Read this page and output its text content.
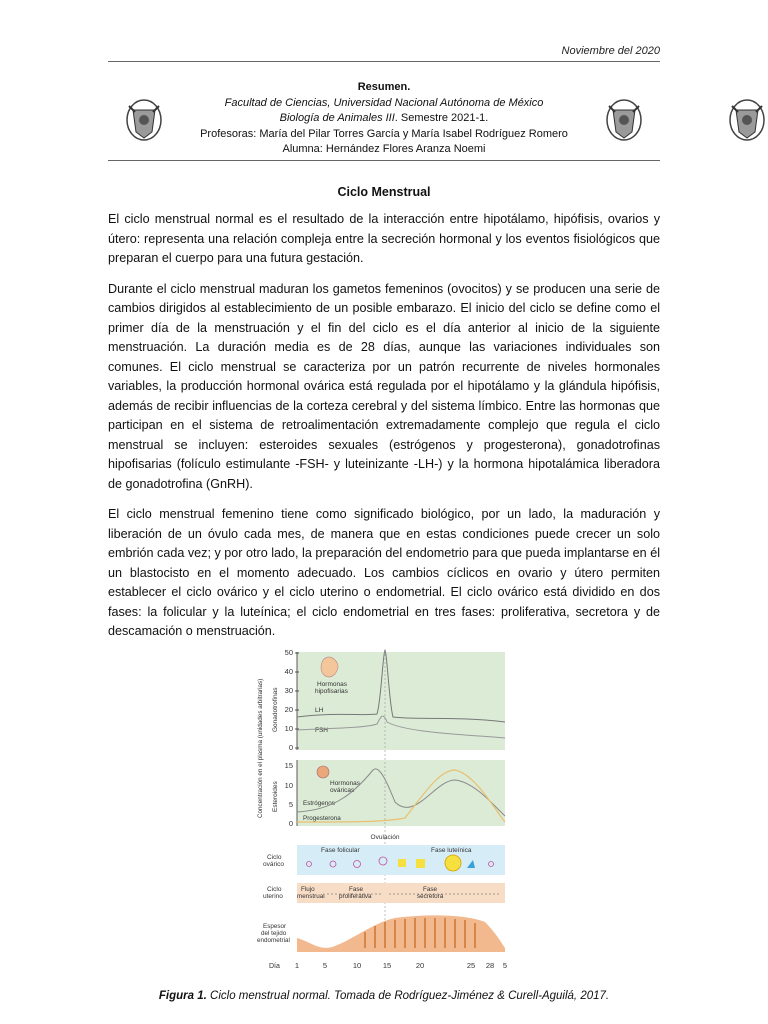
Noviembre del 2020
Resumen.
Facultad de Ciencias, Universidad Nacional Autónoma de México
Biología de Animales III. Semestre 2021-1.
Profesoras: María del Pilar Torres García y María Isabel Rodríguez Romero
Alumna: Hernández Flores Aranza Noemi
Ciclo Menstrual

El ciclo menstrual normal es el resultado de la interacción entre hipotálamo, hipófisis, ovarios y útero: representa una relación compleja entre la secreción hormonal y los eventos fisiológicos que preparan el cuerpo para una futura gestación.

Durante el ciclo menstrual maduran los gametos femeninos (ovocitos) y se producen una serie de cambios dirigidos al establecimiento de un posible embarazo. El inicio del ciclo se define como el primer día de la menstruación y el fin del ciclo es el día anterior al inicio de la siguiente menstruación. La duración media es de 28 días, aunque las variaciones individuales son comunes. El ciclo menstrual se caracteriza por un patrón recurrente de niveles hormonales variables, la producción hormonal ovárica está regulada por el hipotálamo y la glándula hipófisis, además de recibir influencias de la corteza cerebral y del sistema límbico. Entre las hormonas que participan en el sistema de retroalimentación extremadamente complejo que regula el ciclo menstrual se incluyen: esteroides sexuales (estrógenos y progesterona), gonadotrofinas hipofisarias (folículo estimulante -FSH- y luteinizante -LH-) y la hormona hipotalámica liberadora de gonadotrofina (GnRH).

El ciclo menstrual femenino tiene como significado biológico, por un lado, la maduración y liberación de un óvulo cada mes, de manera que en estas condiciones puede crecer un solo embrión cada vez; y por otro lado, la preparación del endometrio para que pueda implantarse en él un blastocisto en el momento adecuado. Los cambios cíclicos en ovario y útero permiten establecer el ciclo ovárico y el ciclo uterino o endometrial. El ciclo ovárico está dividido en dos fases: la folicular y la luteínica; el ciclo endometrial en tres fases: proliferativa, secretora y de descamación o menstruación.

Concentración en el plasma (unidades arbitrarias) Gonadotrofinas
50
40
30
20
10
0
Hormonas
hipofisarias
LH
FSH
Esteroides
15
10
5
0
Hormonas
ováricas
Estrógenos
Progesterona
Ovulación
Ciclo
ovárico
Fase folicular	Fase luteínica
Ciclo
uterino
Flujo
menstrual
Fase
proliferativa
Fase
secretora
Espesor
del tejido
endometrial
Día 1	5	10	15	20	25 28 5
Figura 1. Ciclo menstrual normal. Tomada de Rodríguez-Jiménez & Curell-Aguilá, 2017.
